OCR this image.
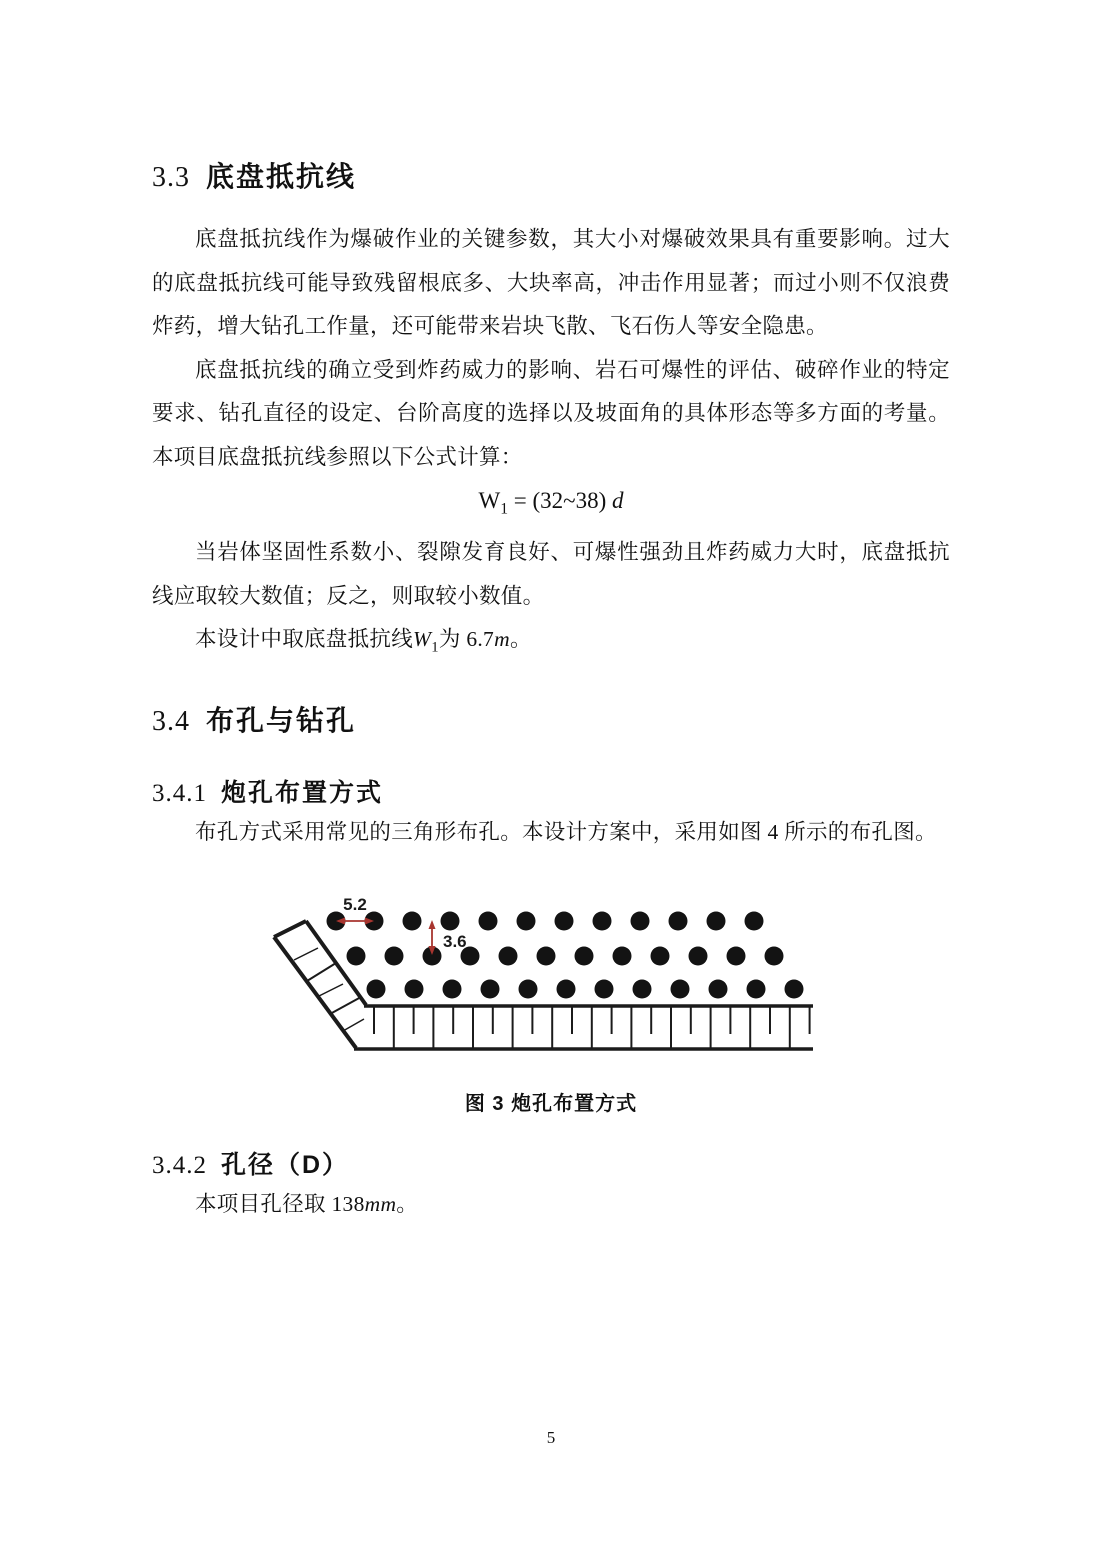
3.3 底盘抵抗线

底盘抵抗线作为爆破作业的关键参数，其大小对爆破效果具有重要影响。过大的底盘抵抗线可能导致残留根底多、大块率高，冲击作用显著；而过小则不仅浪费炸药，增大钻孔工作量，还可能带来岩块飞散、飞石伤人等安全隐患。

底盘抵抗线的确立受到炸药威力的影响、岩石可爆性的评估、破碎作业的特定要求、钻孔直径的设定、台阶高度的选择以及坡面角的具体形态等多方面的考量。本项目底盘抵抗线参照以下公式计算：

$W_1$ = (32~38) d

当岩体坚固性系数小、裂隙发育良好、可爆性强劲且炸药威力大时，底盘抵抗线应取较大数值；反之，则取较小数值。

本设计中取底盘抵抗线$W_1$为 6.7m。

3.4 布孔与钻孔
3.4.1 炮孔布置方式

布孔方式采用常见的三角形布孔。本设计方案中，采用如图 4 所示的布孔图。

5.2
3.6
图 3 炮孔布置方式
3.4.2 孔径（D）

本项目孔径取 138mm。

5
